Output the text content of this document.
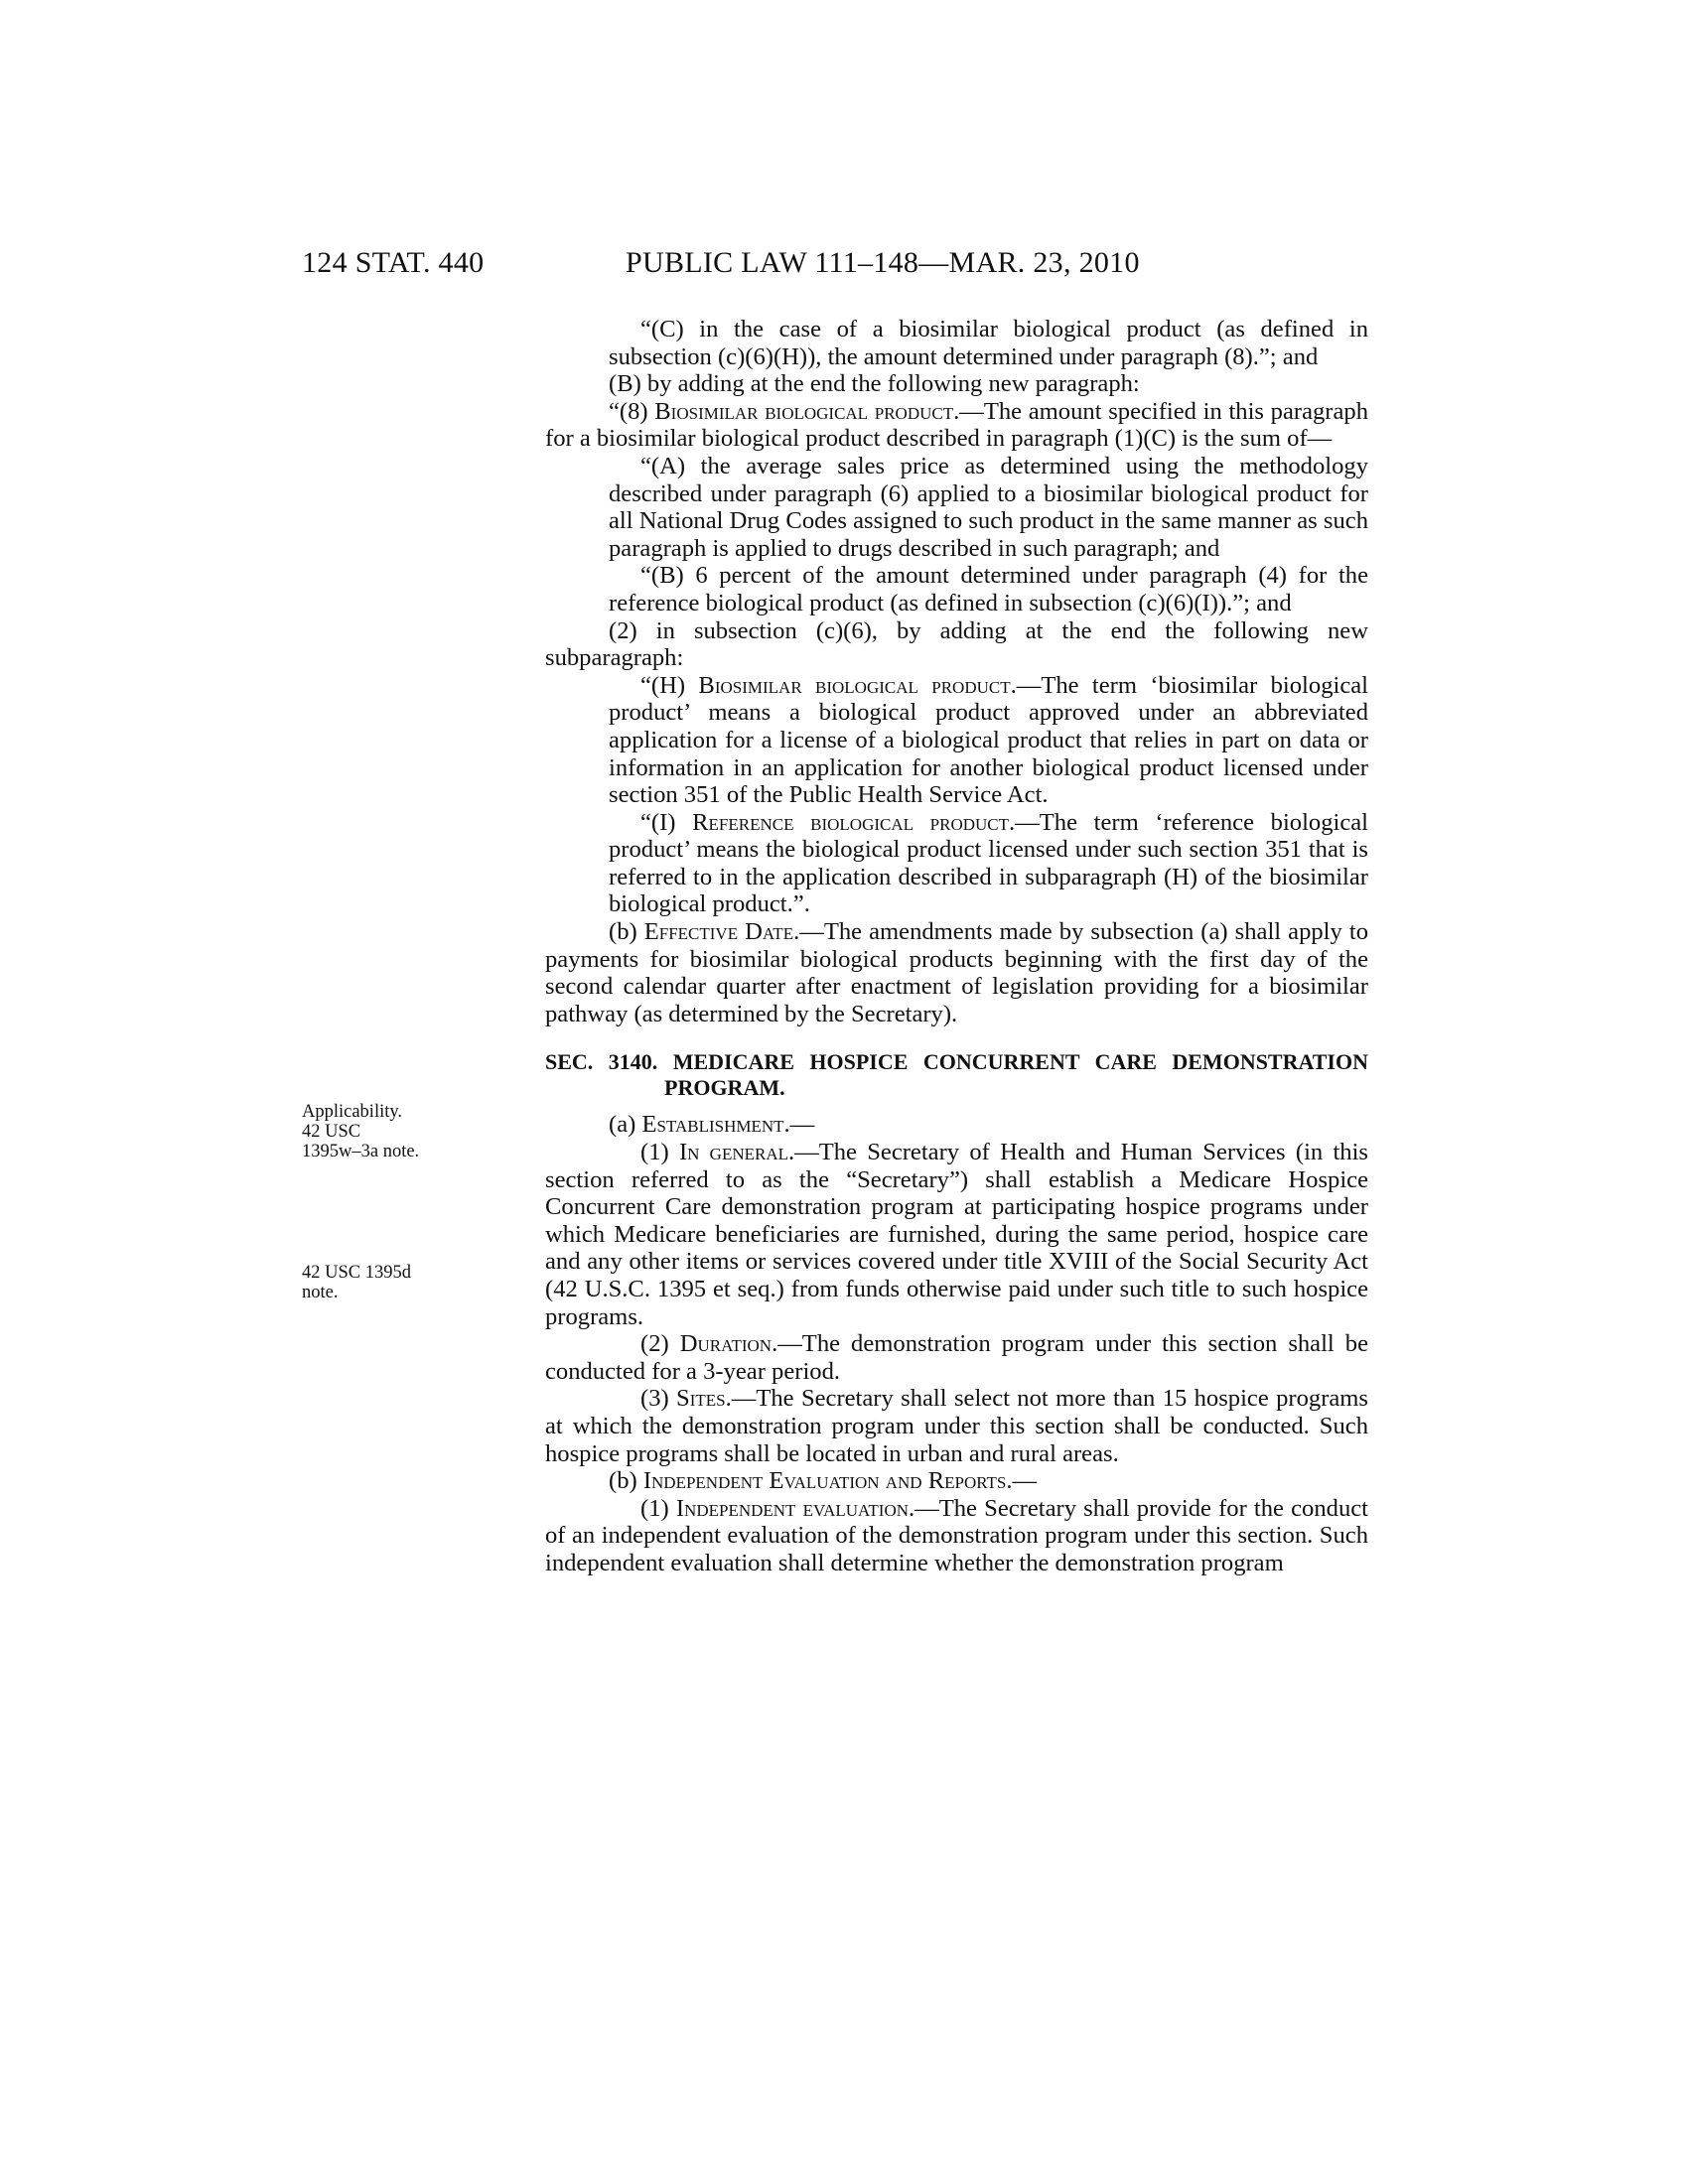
124 STAT. 440	PUBLIC LAW 111–148—MAR. 23, 2010
Applicability.
42 USC
1395w–3a note.
42 USC 1395d
note.

“(C) in the case of a biosimilar biological product (as defined in subsection (c)(6)(H)), the amount determined under paragraph (8).”; and

(B) by adding at the end the following new paragraph:

“(8) Biosimilar biological product.—The amount specified in this paragraph for a biosimilar biological product described in paragraph (1)(C) is the sum of—

“(A) the average sales price as determined using the methodology described under paragraph (6) applied to a biosimilar biological product for all National Drug Codes assigned to such product in the same manner as such paragraph is applied to drugs described in such paragraph; and

“(B) 6 percent of the amount determined under paragraph (4) for the reference biological product (as defined in subsection (c)(6)(I)).”; and

(2) in subsection (c)(6), by adding at the end the following new subparagraph:

“(H) Biosimilar biological product.—The term ‘biosimilar biological product’ means a biological product approved under an abbreviated application for a license of a biological product that relies in part on data or information in an application for another biological product licensed under section 351 of the Public Health Service Act.

“(I) Reference biological product.—The term ‘reference biological product’ means the biological product licensed under such section 351 that is referred to in the application described in subparagraph (H) of the biosimilar biological product.”.

(b) Effective Date.—The amendments made by subsection (a) shall apply to payments for biosimilar biological products beginning with the first day of the second calendar quarter after enactment of legislation providing for a biosimilar pathway (as determined by the Secretary).

SEC. 3140. MEDICARE HOSPICE CONCURRENT CARE DEMONSTRATION PROGRAM.

(a) Establishment.—

(1) In general.—The Secretary of Health and Human Services (in this section referred to as the “Secretary”) shall establish a Medicare Hospice Concurrent Care demonstration program at participating hospice programs under which Medicare beneficiaries are furnished, during the same period, hospice care and any other items or services covered under title XVIII of the Social Security Act (42 U.S.C. 1395 et seq.) from funds otherwise paid under such title to such hospice programs.

(2) Duration.—The demonstration program under this section shall be conducted for a 3-year period.

(3) Sites.—The Secretary shall select not more than 15 hospice programs at which the demonstration program under this section shall be conducted. Such hospice programs shall be located in urban and rural areas.

(b) Independent Evaluation and Reports.—

(1) Independent evaluation.—The Secretary shall provide for the conduct of an independent evaluation of the demonstration program under this section. Such independent evaluation shall determine whether the demonstration program
